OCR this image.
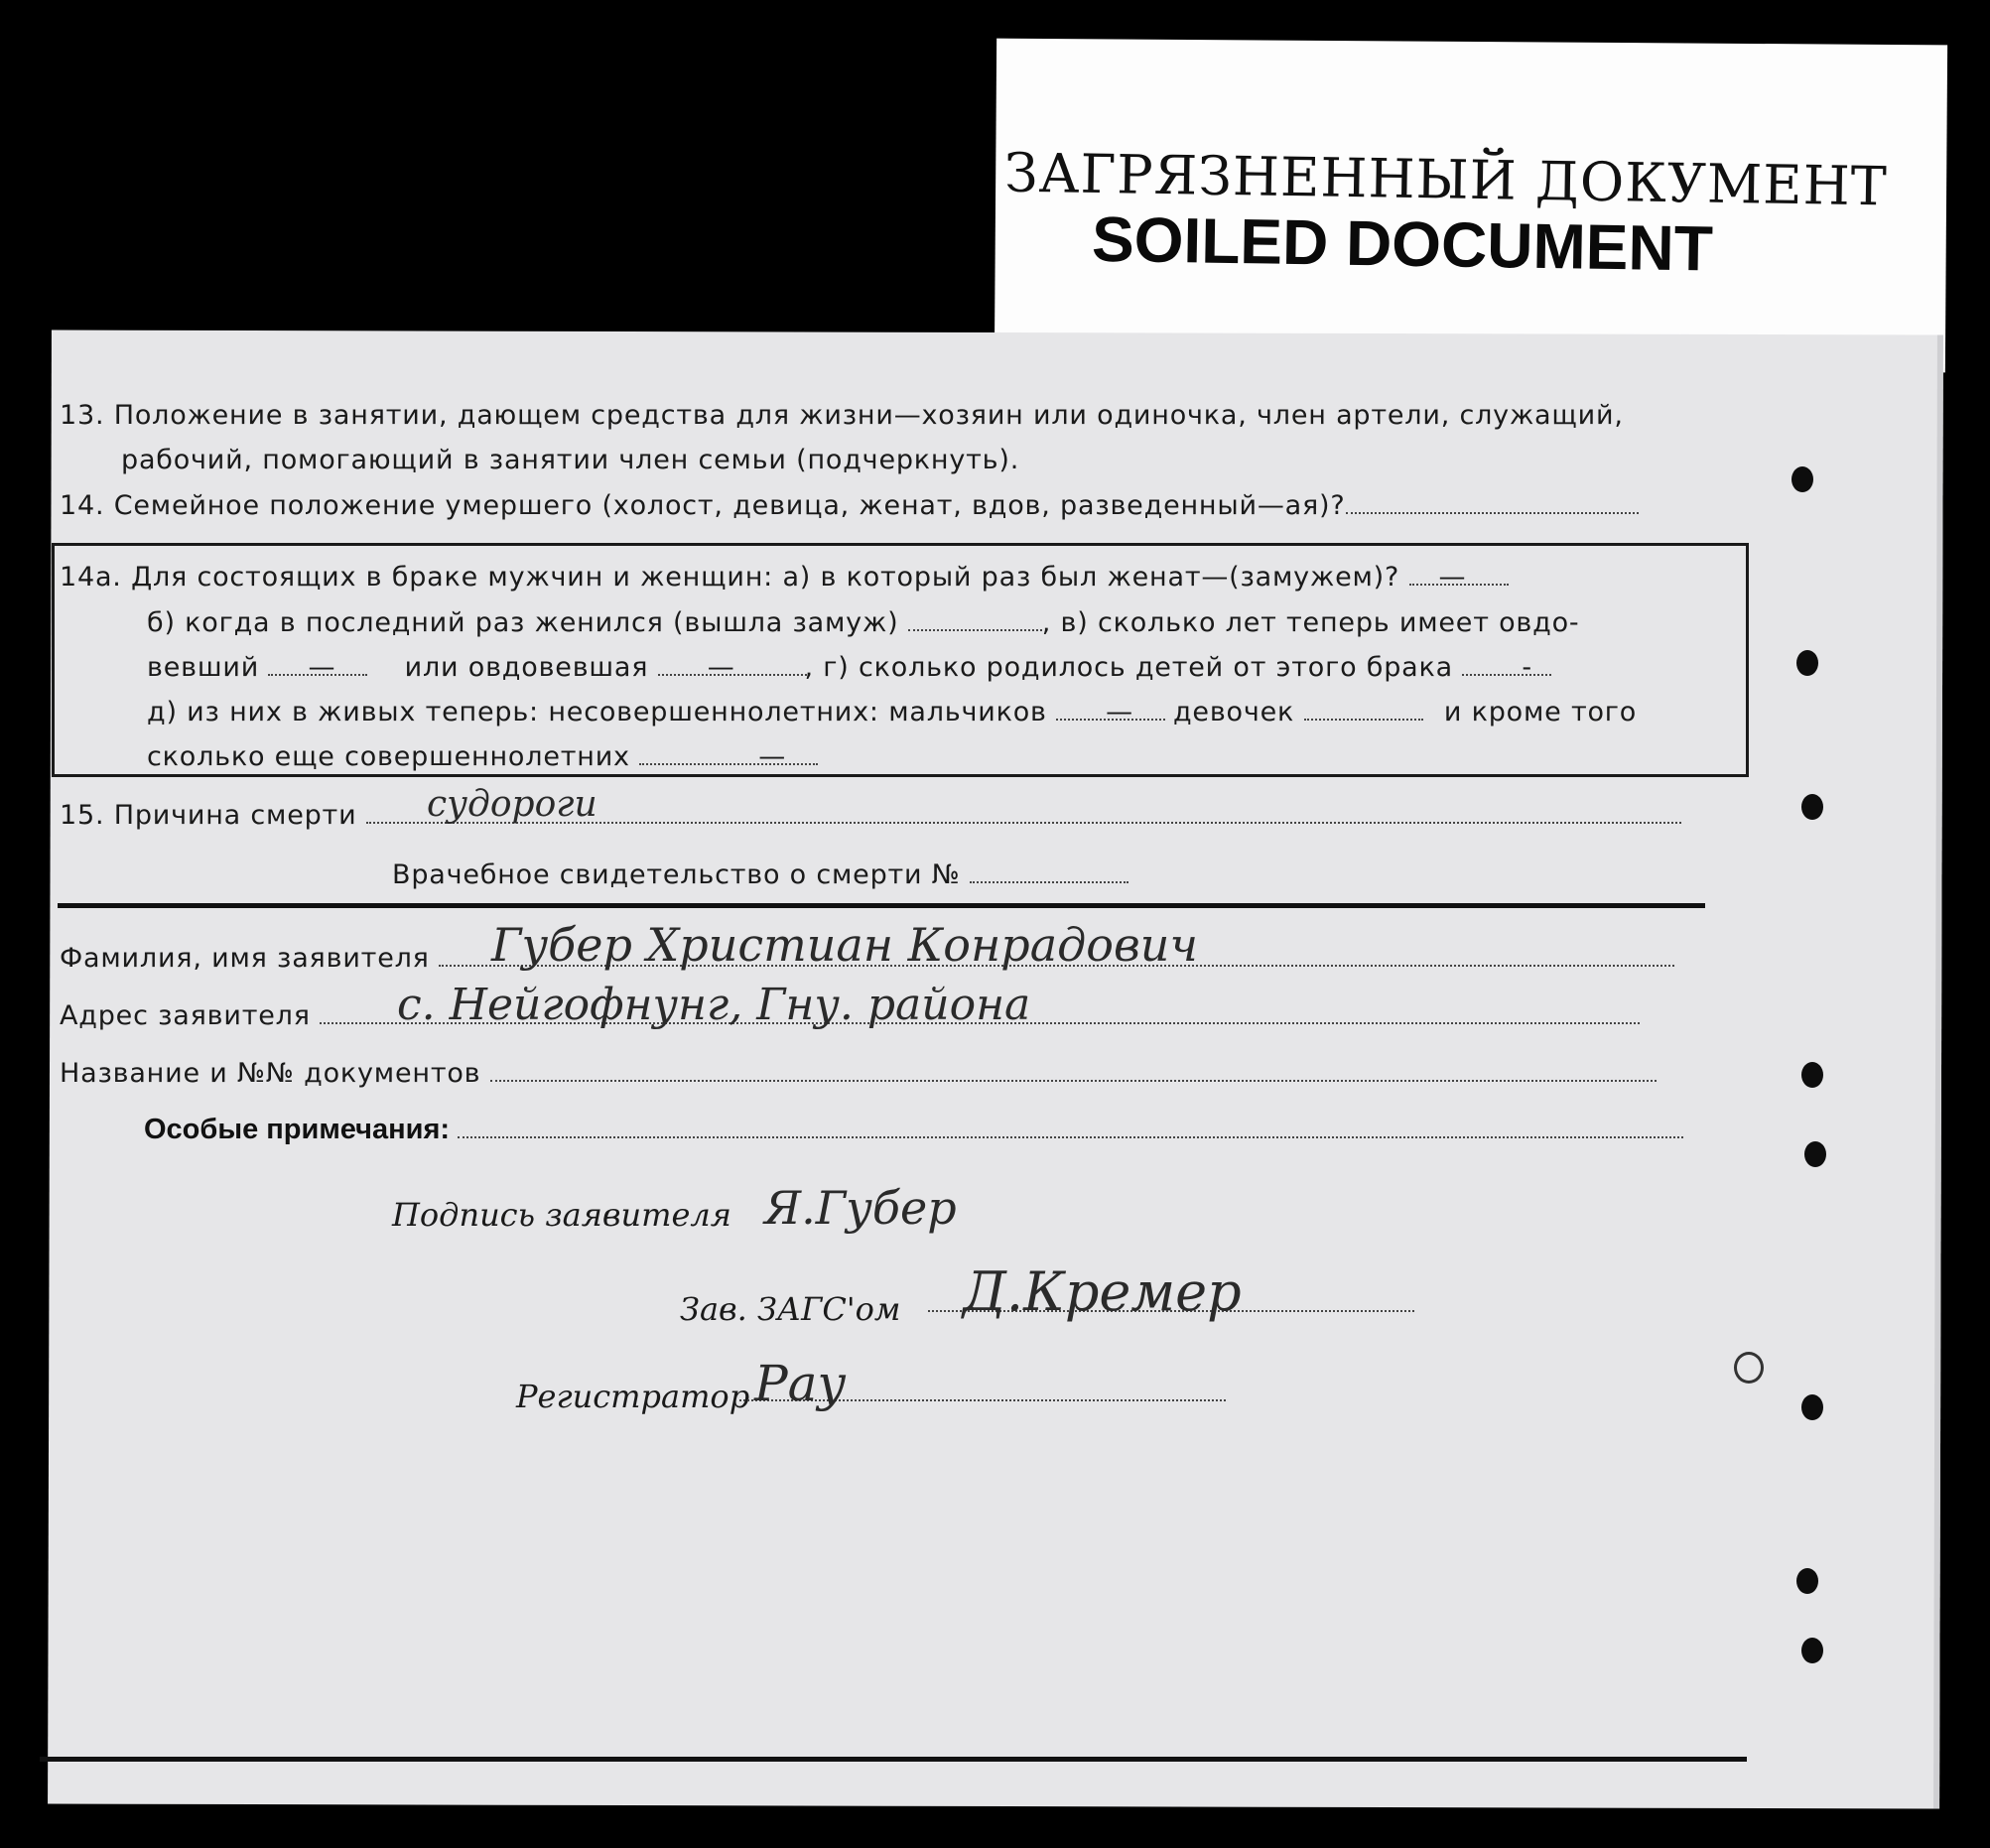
ЗАГРЯЗНЕННЫЙ ДОКУМЕНТ
SOILED DOCUMENT
13. Положение в занятии, дающем средства для жизни—хозяин или одиночка, член артели, служащий,
рабочий, помогающий в занятии член семьи (подчеркнуть).
14. Семейное положение умершего (холост, девица, женат, вдов, разведенный—ая)?
14а. Для состоящих в браке мужчин и женщин: а) в который раз был женат—(замужем)? —
б) когда в последний раз женился (вышла замуж)	, в) сколько лет теперь имеет овдо-
вевший —	или овдовевшая —	, г) сколько родилось детей от этого брака	-
д) из них в живых теперь: несовершеннолетних: мальчиков — девочек	и кроме того
сколько еще совершеннолетних	—
15. Причина смерти	судороги
Врачебное свидетельство о смерти №
Фамилия, имя заявителя	Губер Христиан Конрадович
Адрес заявителя	с. Нейгофнунг, Гну. района
Название и №№ документов
Особые примечания:
Подпись заявителя Я.Губер
Зав. ЗАГС'ом Д.Кремер
Регистратор Рау
